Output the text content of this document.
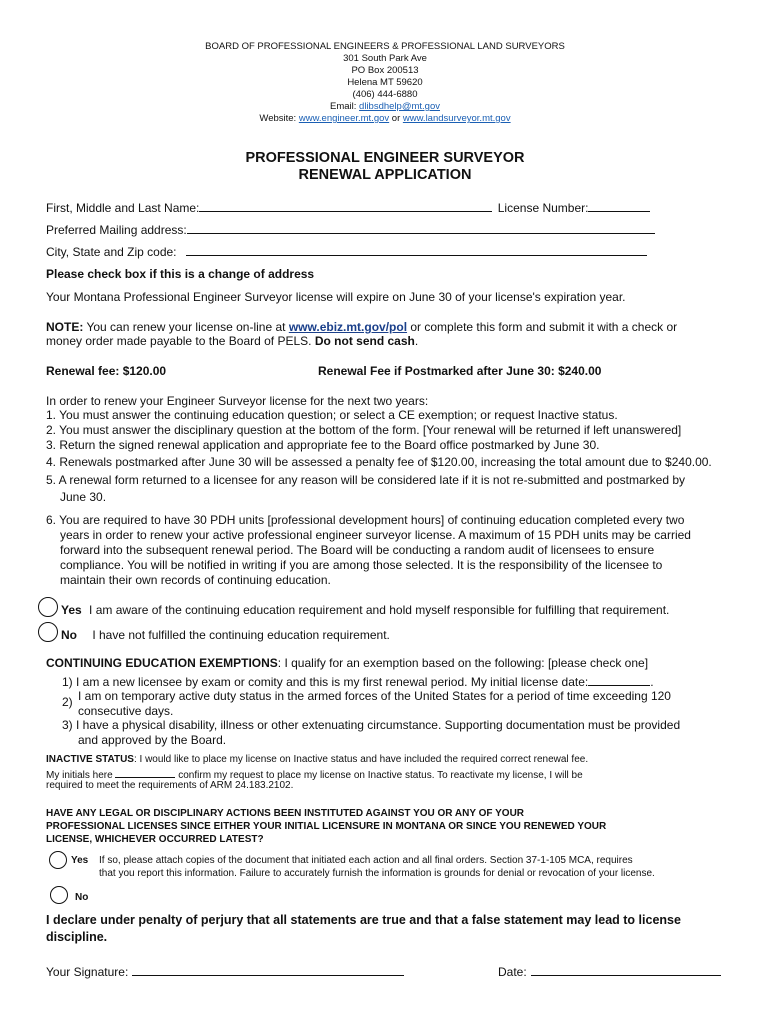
BOARD OF PROFESSIONAL ENGINEERS & PROFESSIONAL LAND SURVEYORS
301 South Park Ave
PO Box 200513
Helena MT 59620
(406) 444-6880
Email: dlibsdhelp@mt.gov
Website: www.engineer.mt.gov or www.landsurveyor.mt.gov
PROFESSIONAL ENGINEER SURVEYOR
RENEWAL APPLICATION
First, Middle and Last Name:	License Number:
Preferred Mailing address:
City, State and Zip code:
Please check box if this is a change of address
Your Montana Professional Engineer Surveyor license will expire on June 30 of your license's expiration year.
NOTE: You can renew your license on-line at www.ebiz.mt.gov/pol or complete this form and submit it with a check or
money order made payable to the Board of PELS. Do not send cash.
Renewal fee: $120.00	Renewal Fee if Postmarked after June 30: $240.00
In order to renew your Engineer Surveyor license for the next two years:
1. You must answer the continuing education question; or select a CE exemption; or request Inactive status.
2. You must answer the disciplinary question at the bottom of the form. [Your renewal will be returned if left unanswered]
3. Return the signed renewal application and appropriate fee to the Board office postmarked by June 30.
4. Renewals postmarked after June 30 will be assessed a penalty fee of $120.00, increasing the total amount due to $240.00.
5. A renewal form returned to a licensee for any reason will be considered late if it is not re-submitted and postmarked by
June 30.
6. You are required to have 30 PDH units [professional development hours] of continuing education completed every two
years in order to renew your active professional engineer surveyor license. A maximum of 15 PDH units may be carried
forward into the subsequent renewal period. The Board will be conducting a random audit of licensees to ensure
compliance. You will be notified in writing if you are among those selected. It is the responsibility of the licensee to
maintain their own records of continuing education.
Yes I am aware of the continuing education requirement and hold myself responsible for fulfilling that requirement.
No I have not fulfilled the continuing education requirement.
CONTINUING EDUCATION EXEMPTIONS: I qualify for an exemption based on the following: [please check one]
1) I am a new licensee by exam or comity and this is my first renewal period. My initial license date:	.
2) I am on temporary active duty status in the armed forces of the United States for a period of time exceeding 120
consecutive days.
3) I have a physical disability, illness or other extenuating circumstance. Supporting documentation must be provided
and approved by the Board.
INACTIVE STATUS: I would like to place my license on Inactive status and have included the required correct renewal fee.
My initials here	confirm my request to place my license on Inactive status. To reactivate my license, I will be
required to meet the requirements of ARM 24.183.2102.
HAVE ANY LEGAL OR DISCIPLINARY ACTIONS BEEN INSTITUTED AGAINST YOU OR ANY OF YOUR
PROFESSIONAL LICENSES SINCE EITHER YOUR INITIAL LICENSURE IN MONTANA OR SINCE YOU RENEWED YOUR
LICENSE, WHICHEVER OCCURRED LATEST?
Yes If so, please attach copies of the document that initiated each action and all final orders. Section 37-1-105 MCA, requires
that you report this information. Failure to accurately furnish the information is grounds for denial or revocation of your license.
No
I declare under penalty of perjury that all statements are true and that a false statement may lead to license
discipline.
Your Signature:	Date:
